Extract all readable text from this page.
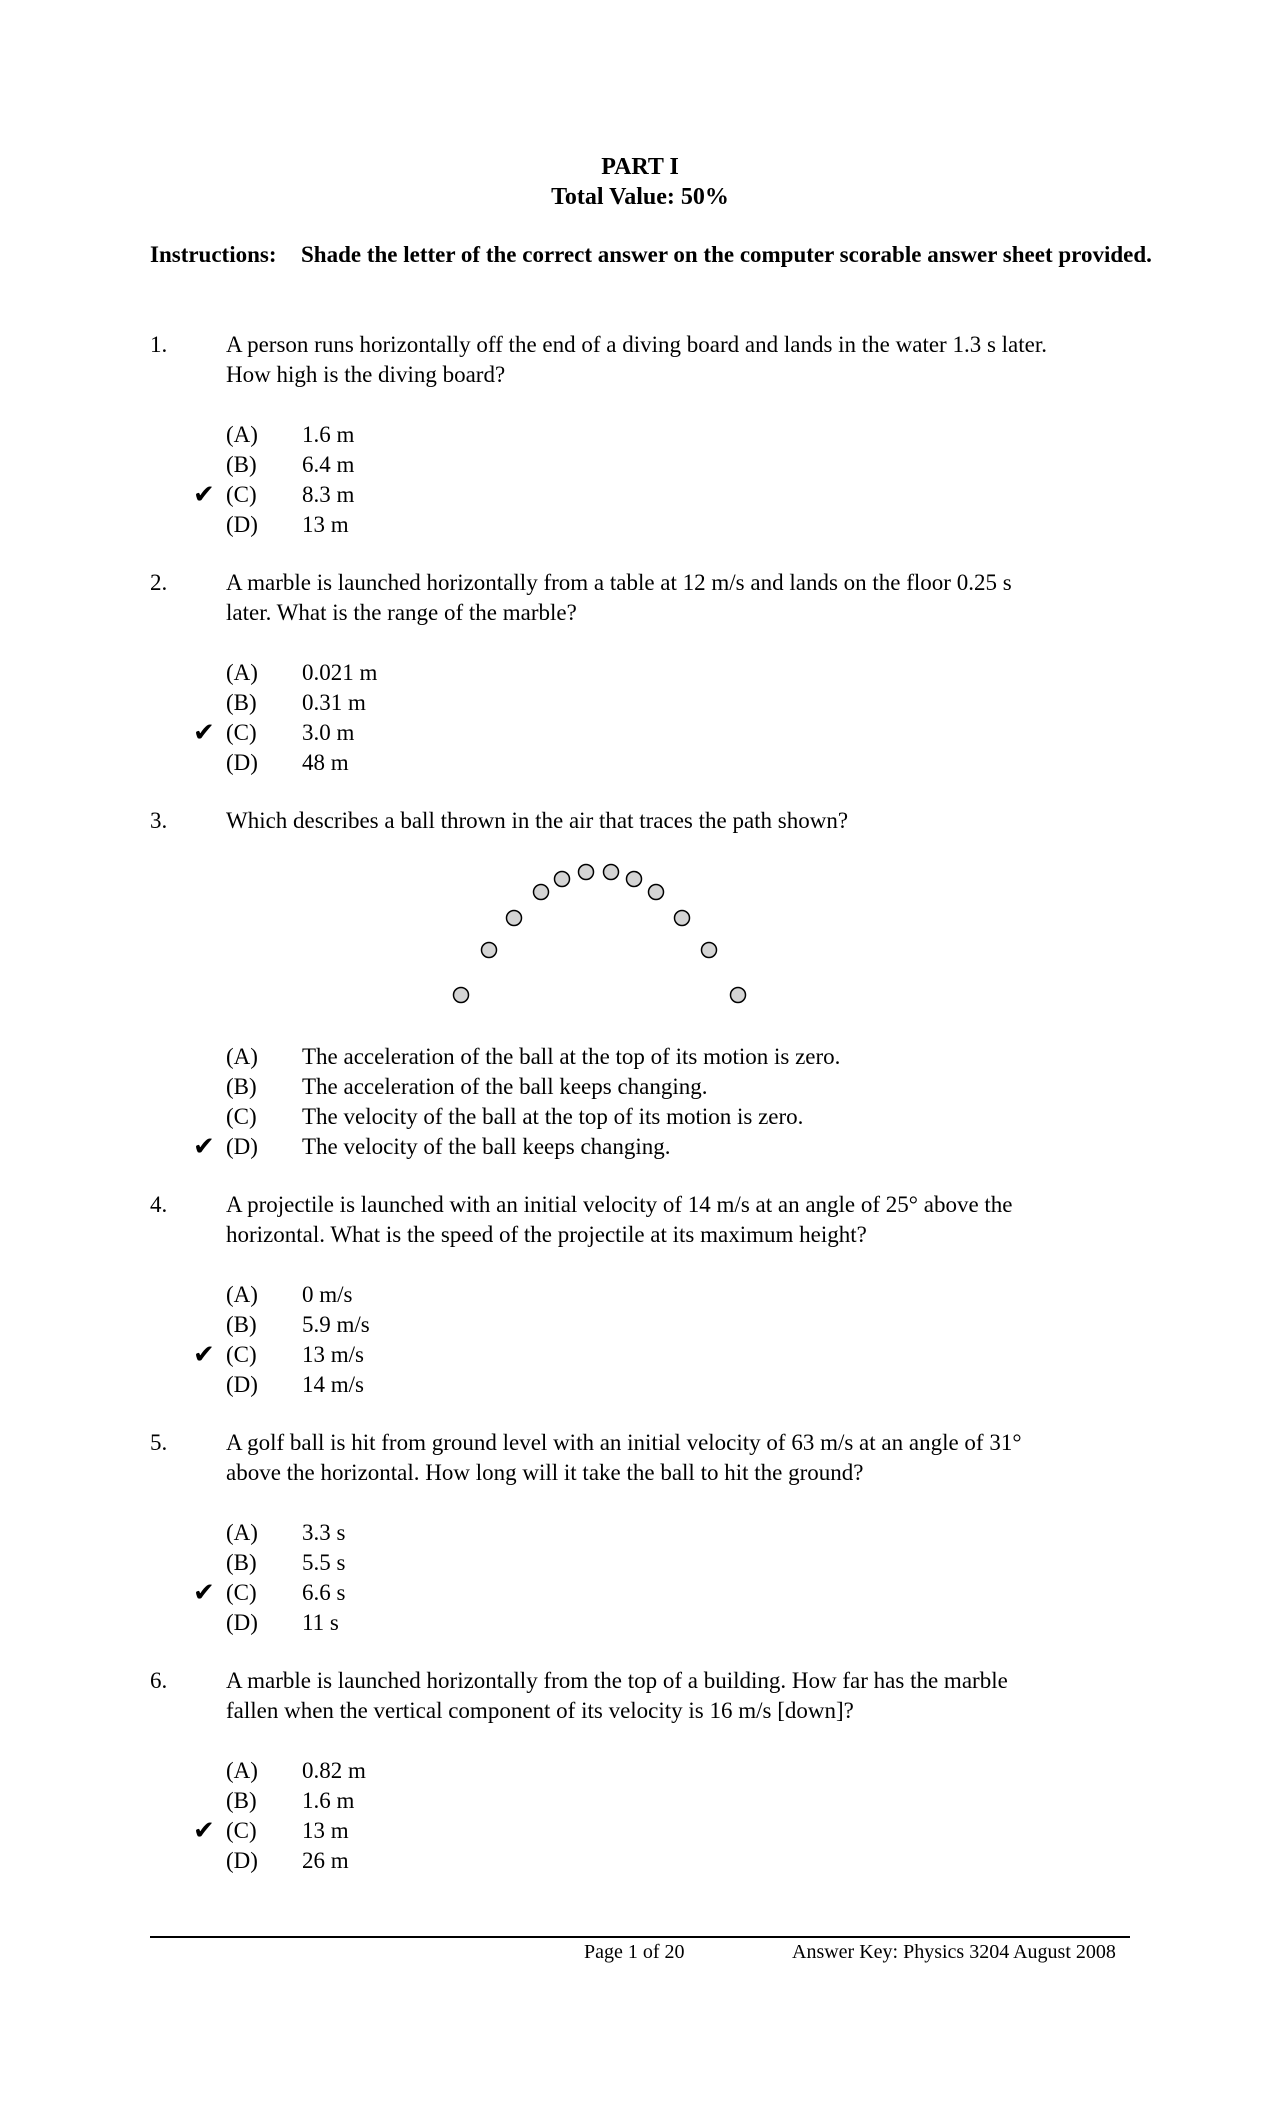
PART I
Total Value: 50%
Instructions: Shade the letter of the correct answer on the computer scorable answer sheet provided.
1.	A person runs horizontally off the end of a diving board and lands in the water 1.3 s later.
How high is the diving board?
(A) 1.6 m
(B) 6.4 m
✔ (C) 8.3 m
(D) 13 m
2.	A marble is launched horizontally from a table at 12 m/s and lands on the floor 0.25 s
later. What is the range of the marble?
(A) 0.021 m
(B) 0.31 m
✔ (C) 3.0 m
(D) 48 m
3.	Which describes a ball thrown in the air that traces the path shown?
(A) The acceleration of the ball at the top of its motion is zero.
(B) The acceleration of the ball keeps changing.
(C) The velocity of the ball at the top of its motion is zero.
✔ (D) The velocity of the ball keeps changing.
4.	A projectile is launched with an initial velocity of 14 m/s at an angle of 25° above the
horizontal. What is the speed of the projectile at its maximum height?
(A) 0 m/s
(B) 5.9 m/s
✔ (C) 13 m/s
(D) 14 m/s
5.	A golf ball is hit from ground level with an initial velocity of 63 m/s at an angle of 31°
above the horizontal. How long will it take the ball to hit the ground?
(A) 3.3 s
(B) 5.5 s
✔ (C) 6.6 s
(D) 11 s
6.	A marble is launched horizontally from the top of a building. How far has the marble
fallen when the vertical component of its velocity is 16 m/s [down]?
(A) 0.82 m
(B) 1.6 m
✔ (C) 13 m
(D) 26 m
Page 1 of 20	Answer Key: Physics 3204 August 2008
